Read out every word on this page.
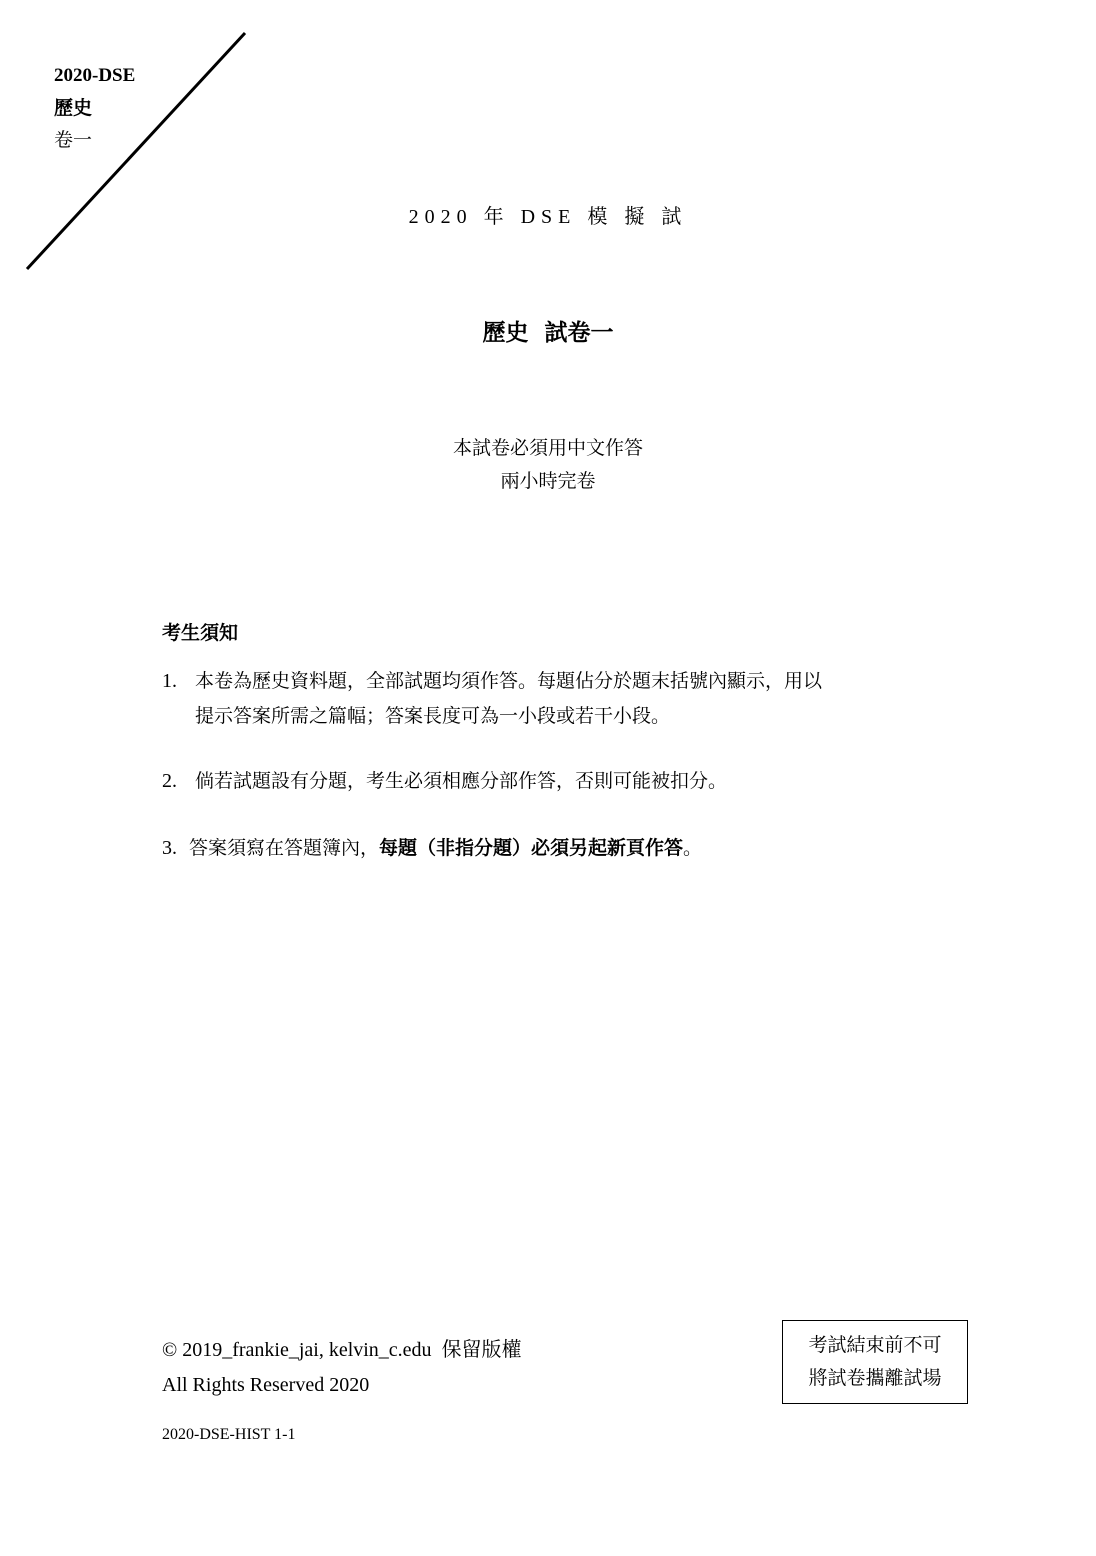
2020-DSE
歷史
卷一
2020 年 DSE 模 擬 試
歷史  試卷一
本試卷必須用中文作答
兩小時完卷
考生須知
1. 本卷為歷史資料題，全部試題均須作答。每題佔分於題末括號內顯示，用以
提示答案所需之篇幅；答案長度可為一小段或若干小段。
2. 倘若試題設有分題，考生必須相應分部作答，否則可能被扣分。
3. 答案須寫在答題簿內，每題（非指分題）必須另起新頁作答。
© 2019_frankie_jai, kelvin_c.edu  保留版權
All Rights Reserved 2020
2020-DSE-HIST 1-1
考試結束前不可
將試卷攜離試場
